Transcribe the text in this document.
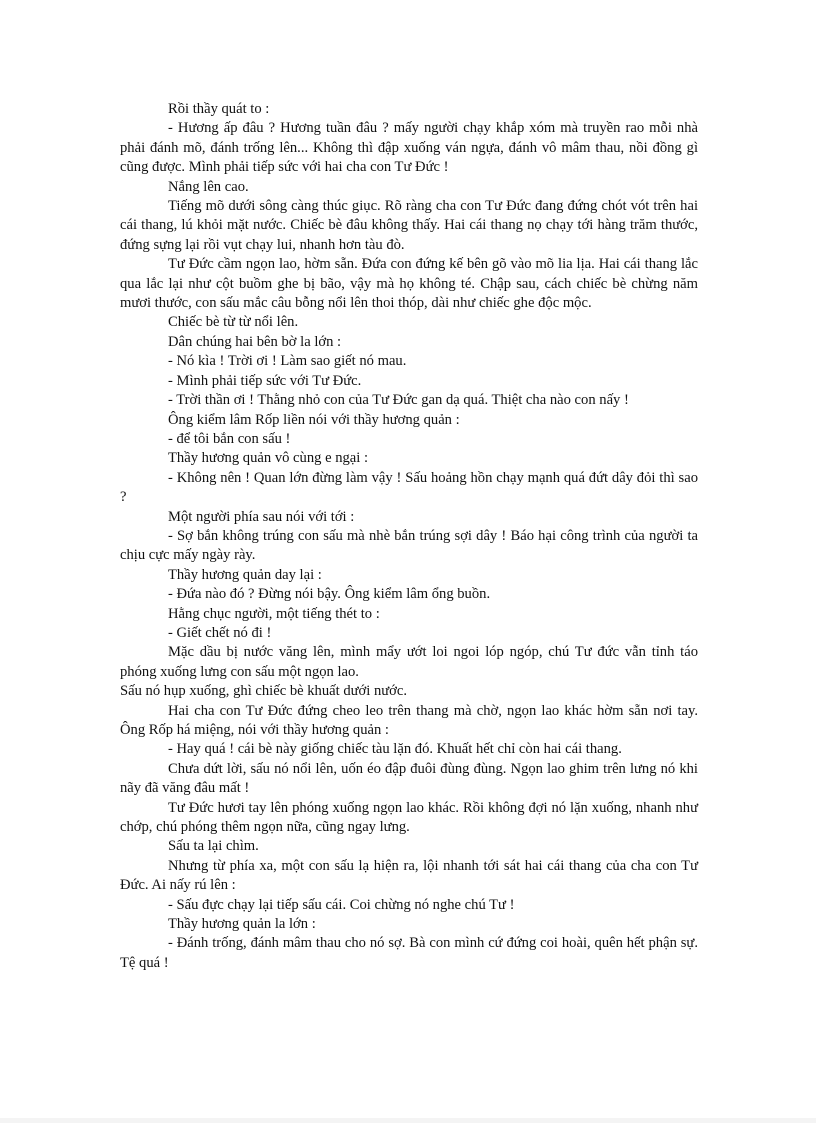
Rồi thầy quát to :

- Hương ấp đâu ? Hương tuần đâu ? mấy người chạy khắp xóm mà truyền rao mỗi nhà phải đánh mõ, đánh trống lên... Không thì đập xuống ván ngựa, đánh vô mâm thau, nồi đồng gì cũng được. Mình phải tiếp sức với hai cha con Tư Đức !

Nắng lên cao.

Tiếng mõ dưới sông càng thúc giục. Rõ ràng cha con Tư Đức đang đứng chót vót trên hai cái thang, lú khỏi mặt nước. Chiếc bè đâu không thấy. Hai cái thang nọ chạy tới hàng trăm thước, đứng sựng lại rồi vụt chạy lui, nhanh hơn tàu đò.

Tư Đức cầm ngọn lao, hờm sẵn. Đứa con đứng kế bên gõ vào mõ lia lịa. Hai cái thang lắc qua lắc lại như cột buồm ghe bị bão, vậy mà họ không té. Chập sau, cách chiếc bè chừng năm mươi thước, con sấu mắc câu bỗng nổi lên thoi thóp, dài như chiếc ghe độc mộc.

Chiếc bè từ từ nổi lên.

Dân chúng hai bên bờ la lớn :

- Nó kìa ! Trời ơi ! Làm sao giết nó mau.

- Mình phải tiếp sức với Tư Đức.

- Trời thần ơi ! Thằng nhỏ con của Tư Đức gan dạ quá. Thiệt cha nào con nấy !

Ông kiểm lâm Rốp liền nói với thầy hương quản :

- để tôi bắn con sấu !

Thầy hương quản vô cùng e ngại :

- Không nên ! Quan lớn đừng làm vậy ! Sấu hoảng hồn chạy mạnh quá đứt dây đỏi thì sao ?

Một người phía sau nói với tới :

- Sợ bắn không trúng con sấu mà nhè bắn trúng sợi dây ! Báo hại công trình của người ta chịu cực mấy ngày rày.

Thầy hương quản day lại :

- Đứa nào đó ? Đừng nói bậy. Ông kiểm lâm ổng buồn.

Hằng chục người, một tiếng thét to :

- Giết chết nó đi !

Mặc dầu bị nước văng lên, mình mẩy ướt loi ngoi lóp ngóp, chú Tư đức vẫn tỉnh táo phóng xuống lưng con sấu một ngọn lao.

Sấu nó hụp xuống, ghì chiếc bè khuất dưới nước.

Hai cha con Tư Đức đứng cheo leo trên thang mà chờ, ngọn lao khác hờm sẵn nơi tay. Ông Rốp há miệng, nói với thầy hương quản :

- Hay quá ! cái bè này giống chiếc tàu lặn đó. Khuất hết chỉ còn hai cái thang.

Chưa dứt lời, sấu nó nổi lên, uốn éo đập đuôi đùng đùng. Ngọn lao ghim trên lưng nó khi nãy đã văng đâu mất !

Tư Đức hươi tay lên phóng xuống ngọn lao khác. Rồi không đợi nó lặn xuống, nhanh như chớp, chú phóng thêm ngọn nữa, cũng ngay lưng.

Sấu ta lại chìm.

Nhưng từ phía xa, một con sấu lạ hiện ra, lội nhanh tới sát hai cái thang của cha con Tư Đức. Ai nấy rú lên :

- Sấu đực chạy lại tiếp sấu cái. Coi chừng nó nghe chú Tư !

Thầy hương quản la lớn :

- Đánh trống, đánh mâm thau cho nó sợ. Bà con mình cứ đứng coi hoài, quên hết phận sự. Tệ quá !
